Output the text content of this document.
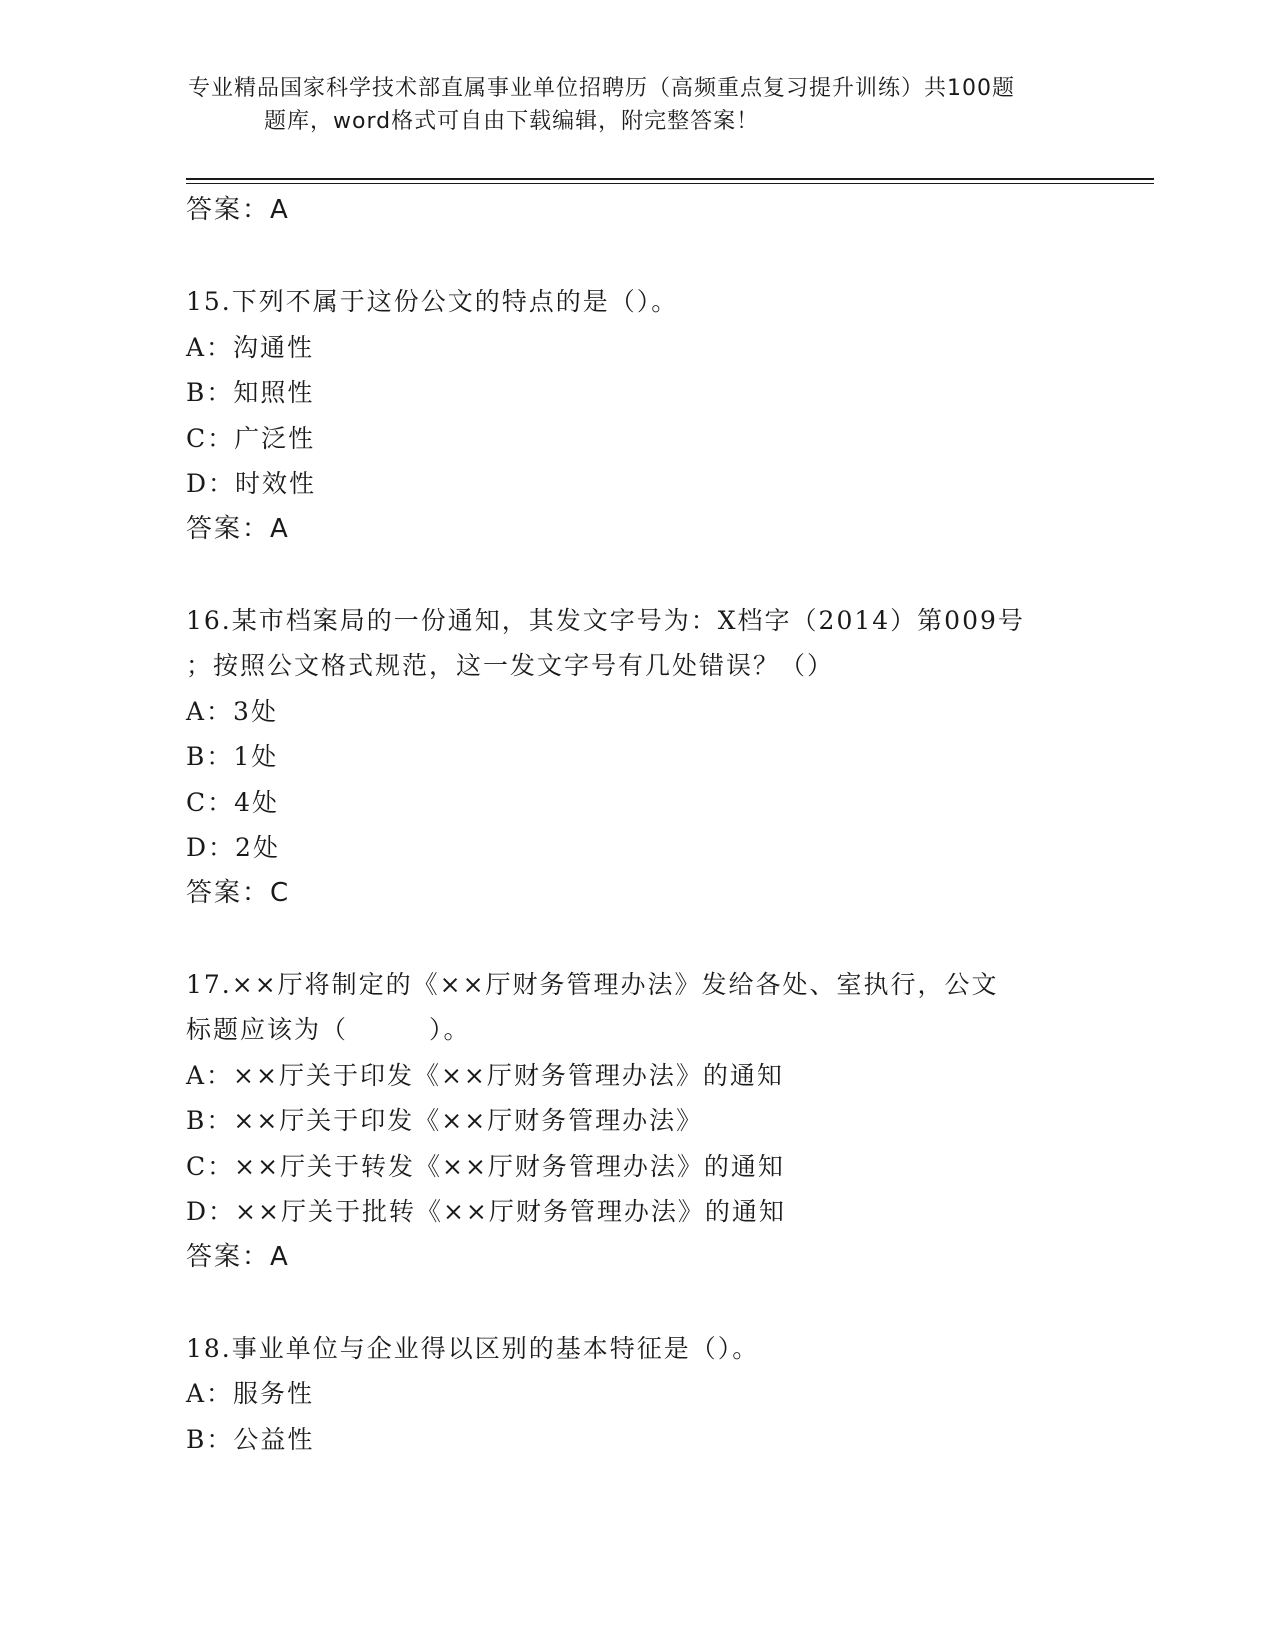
专业精品国家科学技术部直属事业单位招聘历（高频重点复习提升训练）共100题
题库，word格式可自由下载编辑，附完整答案！
答案：A
15.下列不属于这份公文的特点的是（）。
A：沟通性
B：知照性
C：广泛性
D：时效性
答案：A
16.某市档案局的一份通知，其发文字号为：X档字（2014）第009号
；按照公文格式规范，这一发文字号有几处错误？（）
A：3处
B：1处
C：4处
D：2处
答案：C
17.××厅将制定的《××厅财务管理办法》发给各处、室执行，公文
标题应该为（　　　）。
A：××厅关于印发《××厅财务管理办法》的通知
B：××厅关于印发《××厅财务管理办法》
C：××厅关于转发《××厅财务管理办法》的通知
D：××厅关于批转《××厅财务管理办法》的通知
答案：A
18.事业单位与企业得以区别的基本特征是（）。
A：服务性
B：公益性
